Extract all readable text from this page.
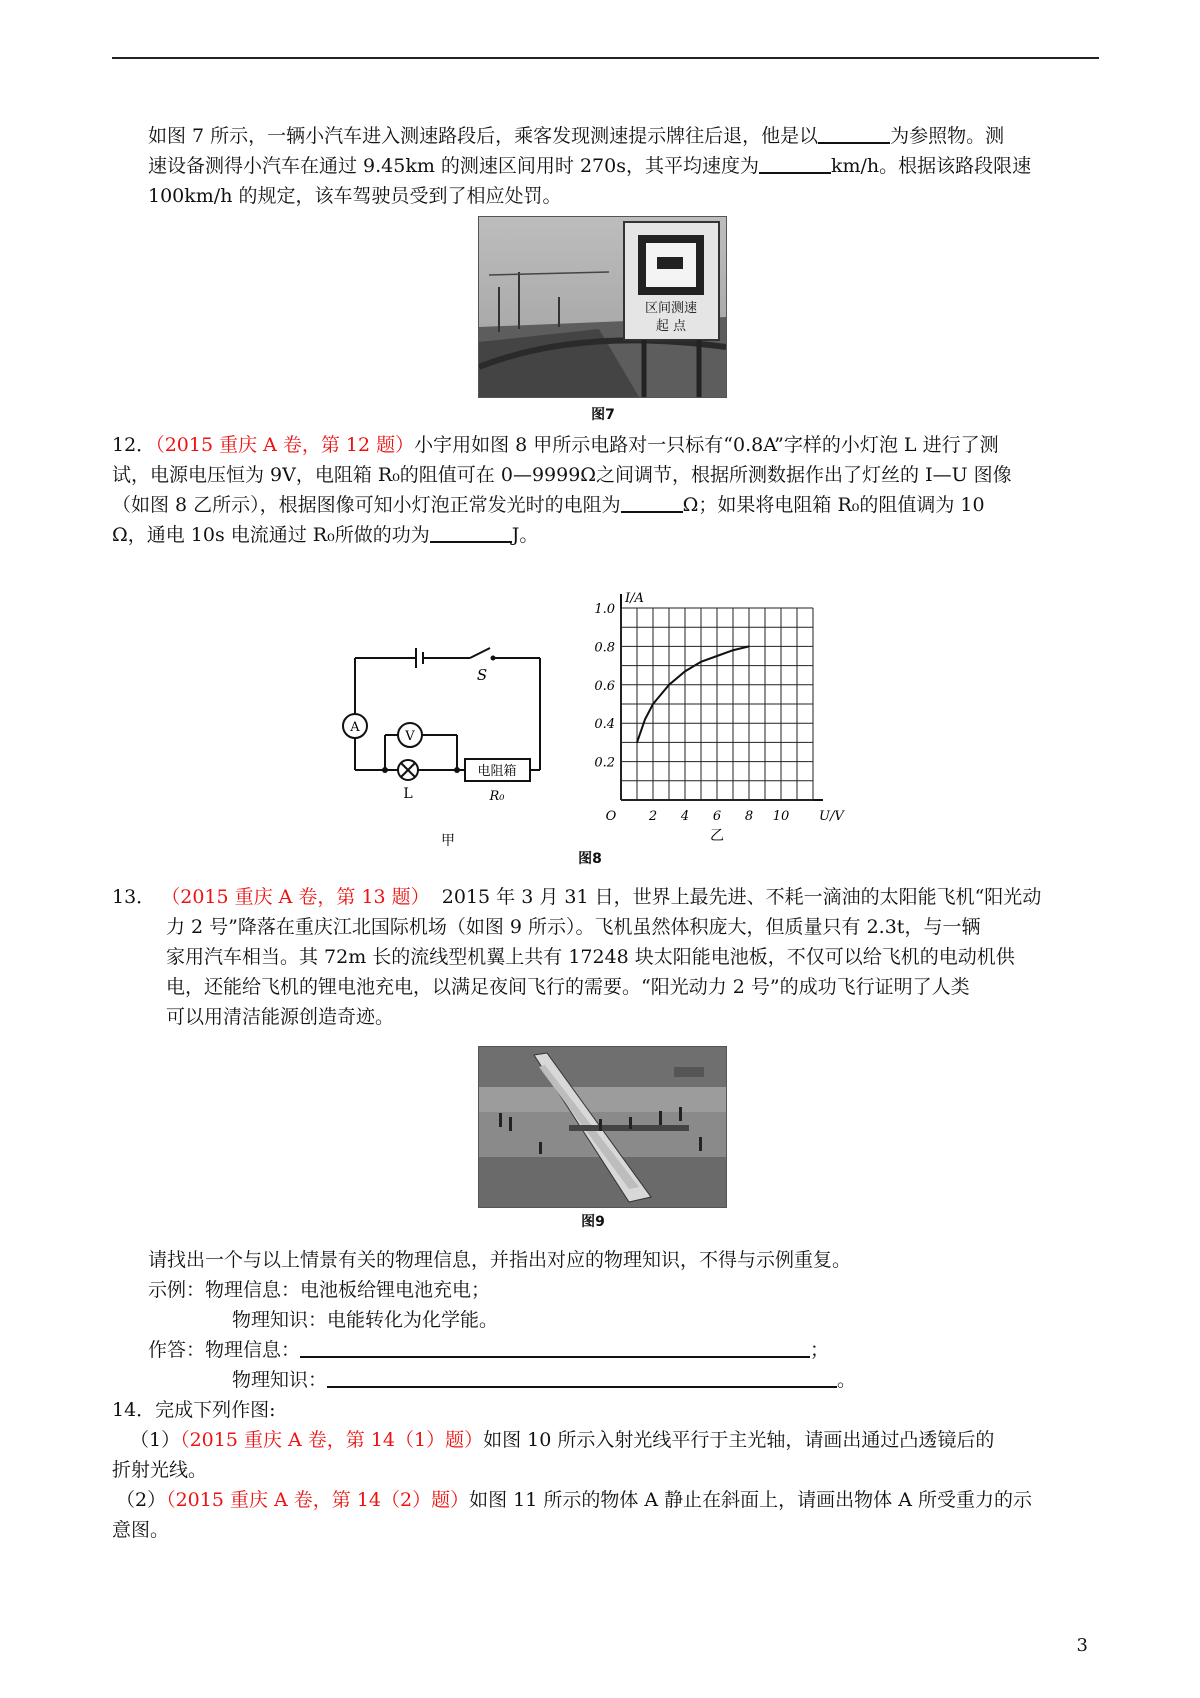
如图 7 所示，一辆小汽车进入测速路段后，乘客发现测速提示牌往后退，他是以	为参照物。测

速设备测得小汽车在通过 9.45km 的测速区间用时 270s，其平均速度为	km/h。根据该路段限速

100km/h 的规定，该车驾驶员受到了相应处罚。

区间测速
起 点
图7

12．（2015 重庆 A 卷，第 12 题）小宇用如图 8 甲所示电路对一只标有“0.8A”字样的小灯泡 L 进行了测

试，电源电压恒为 9V，电阻箱 R₀的阻值可在 0—9999Ω之间调节，根据所测数据作出了灯丝的 I—U 图像

（如图 8 乙所示），根据图像可知小灯泡正常发光时的电阻为	Ω；如果将电阻箱 R₀的阻值调为 10

Ω，通电 10s 电流通过 R₀所做的功为	J。

A
V
L
电阻箱
R₀
S
甲
2 4 6 8 10
0.2
0.4
0.6
0.8
1.0
O	U/V
I/A
乙
图8

13． （2015 重庆 A 卷，第 13 题） 2015 年 3 月 31 日，世界上最先进、不耗一滴油的太阳能飞机“阳光动

力 2 号”降落在重庆江北国际机场（如图 9 所示）。飞机虽然体积庞大，但质量只有 2.3t，与一辆

家用汽车相当。其 72m 长的流线型机翼上共有 17248 块太阳能电池板，不仅可以给飞机的电动机供

电，还能给飞机的锂电池充电，以满足夜间飞行的需要。“阳光动力 2 号”的成功飞行证明了人类

可以用清洁能源创造奇迹。

图9

请找出一个与以上情景有关的物理信息，并指出对应的物理知识，不得与示例重复。

示例：物理信息：电池板给锂电池充电；

物理知识：电能转化为化学能。

作答：物理信息：	；

物理知识：	。

14．完成下列作图:

（1）（2015 重庆 A 卷，第 14（1）题）如图 10 所示入射光线平行于主光轴，请画出通过凸透镜后的

折射光线。

（2）（2015 重庆 A 卷，第 14（2）题）如图 11 所示的物体 A 静止在斜面上，请画出物体 A 所受重力的示

意图。

3
